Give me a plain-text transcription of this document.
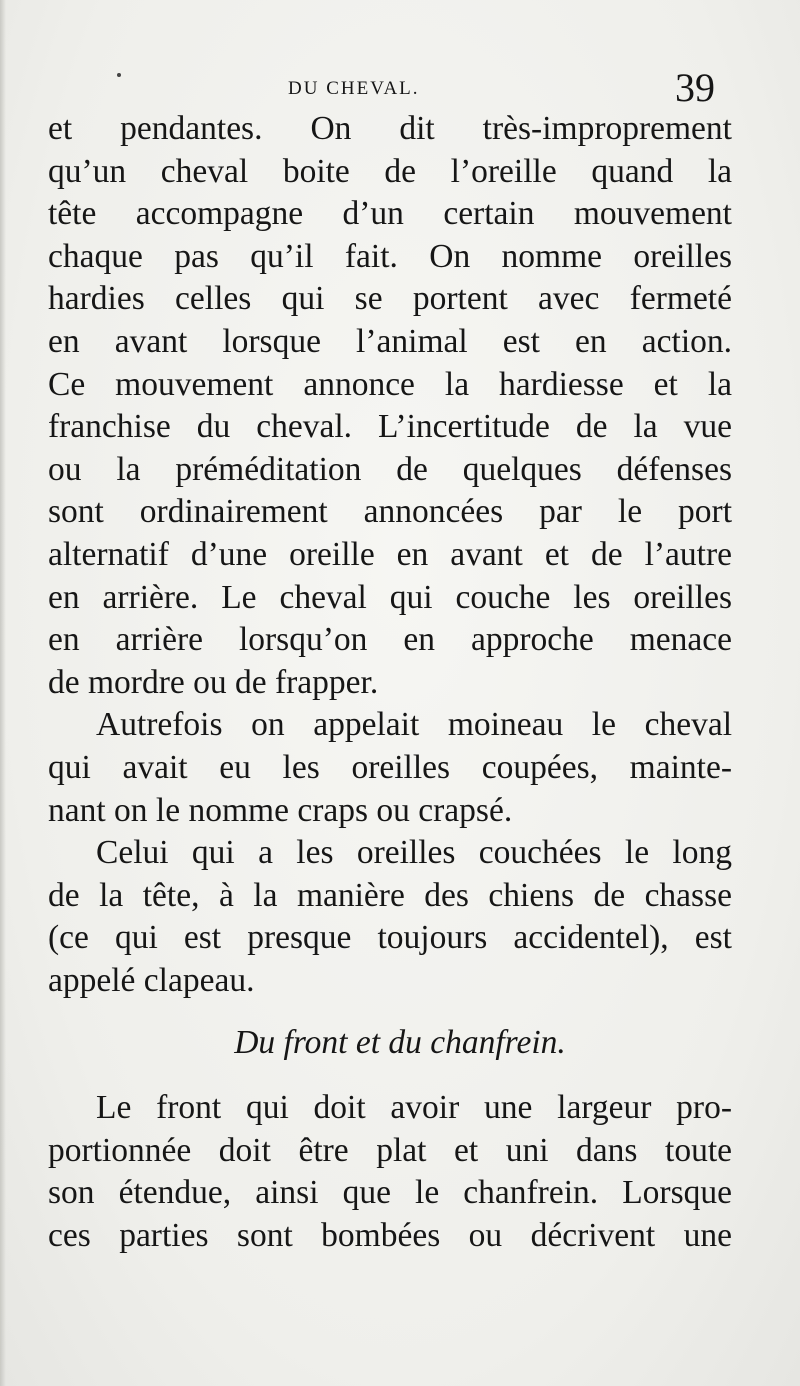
DU CHEVAL.	39
et pendantes. On dit très-improprement
qu’un cheval boite de l’oreille quand la
tête accompagne d’un certain mouvement
chaque pas qu’il fait. On nomme oreilles
hardies celles qui se portent avec fermeté
en avant lorsque l’animal est en action.
Ce mouvement annonce la hardiesse et la
franchise du cheval. L’incertitude de la vue
ou la préméditation de quelques défenses
sont ordinairement annoncées par le port
alternatif d’une oreille en avant et de l’autre
en arrière. Le cheval qui couche les oreilles
en arrière lorsqu’on en approche menace
de mordre ou de frapper.
Autrefois on appelait moineau le cheval
qui avait eu les oreilles coupées, mainte-
nant on le nomme craps ou crapsé.
Celui qui a les oreilles couchées le long
de la tête, à la manière des chiens de chasse
(ce qui est presque toujours accidentel), est
appelé clapeau.
Du front et du chanfrein.
Le front qui doit avoir une largeur pro-
portionnée doit être plat et uni dans toute
son étendue, ainsi que le chanfrein. Lorsque
ces parties sont bombées ou décrivent une
